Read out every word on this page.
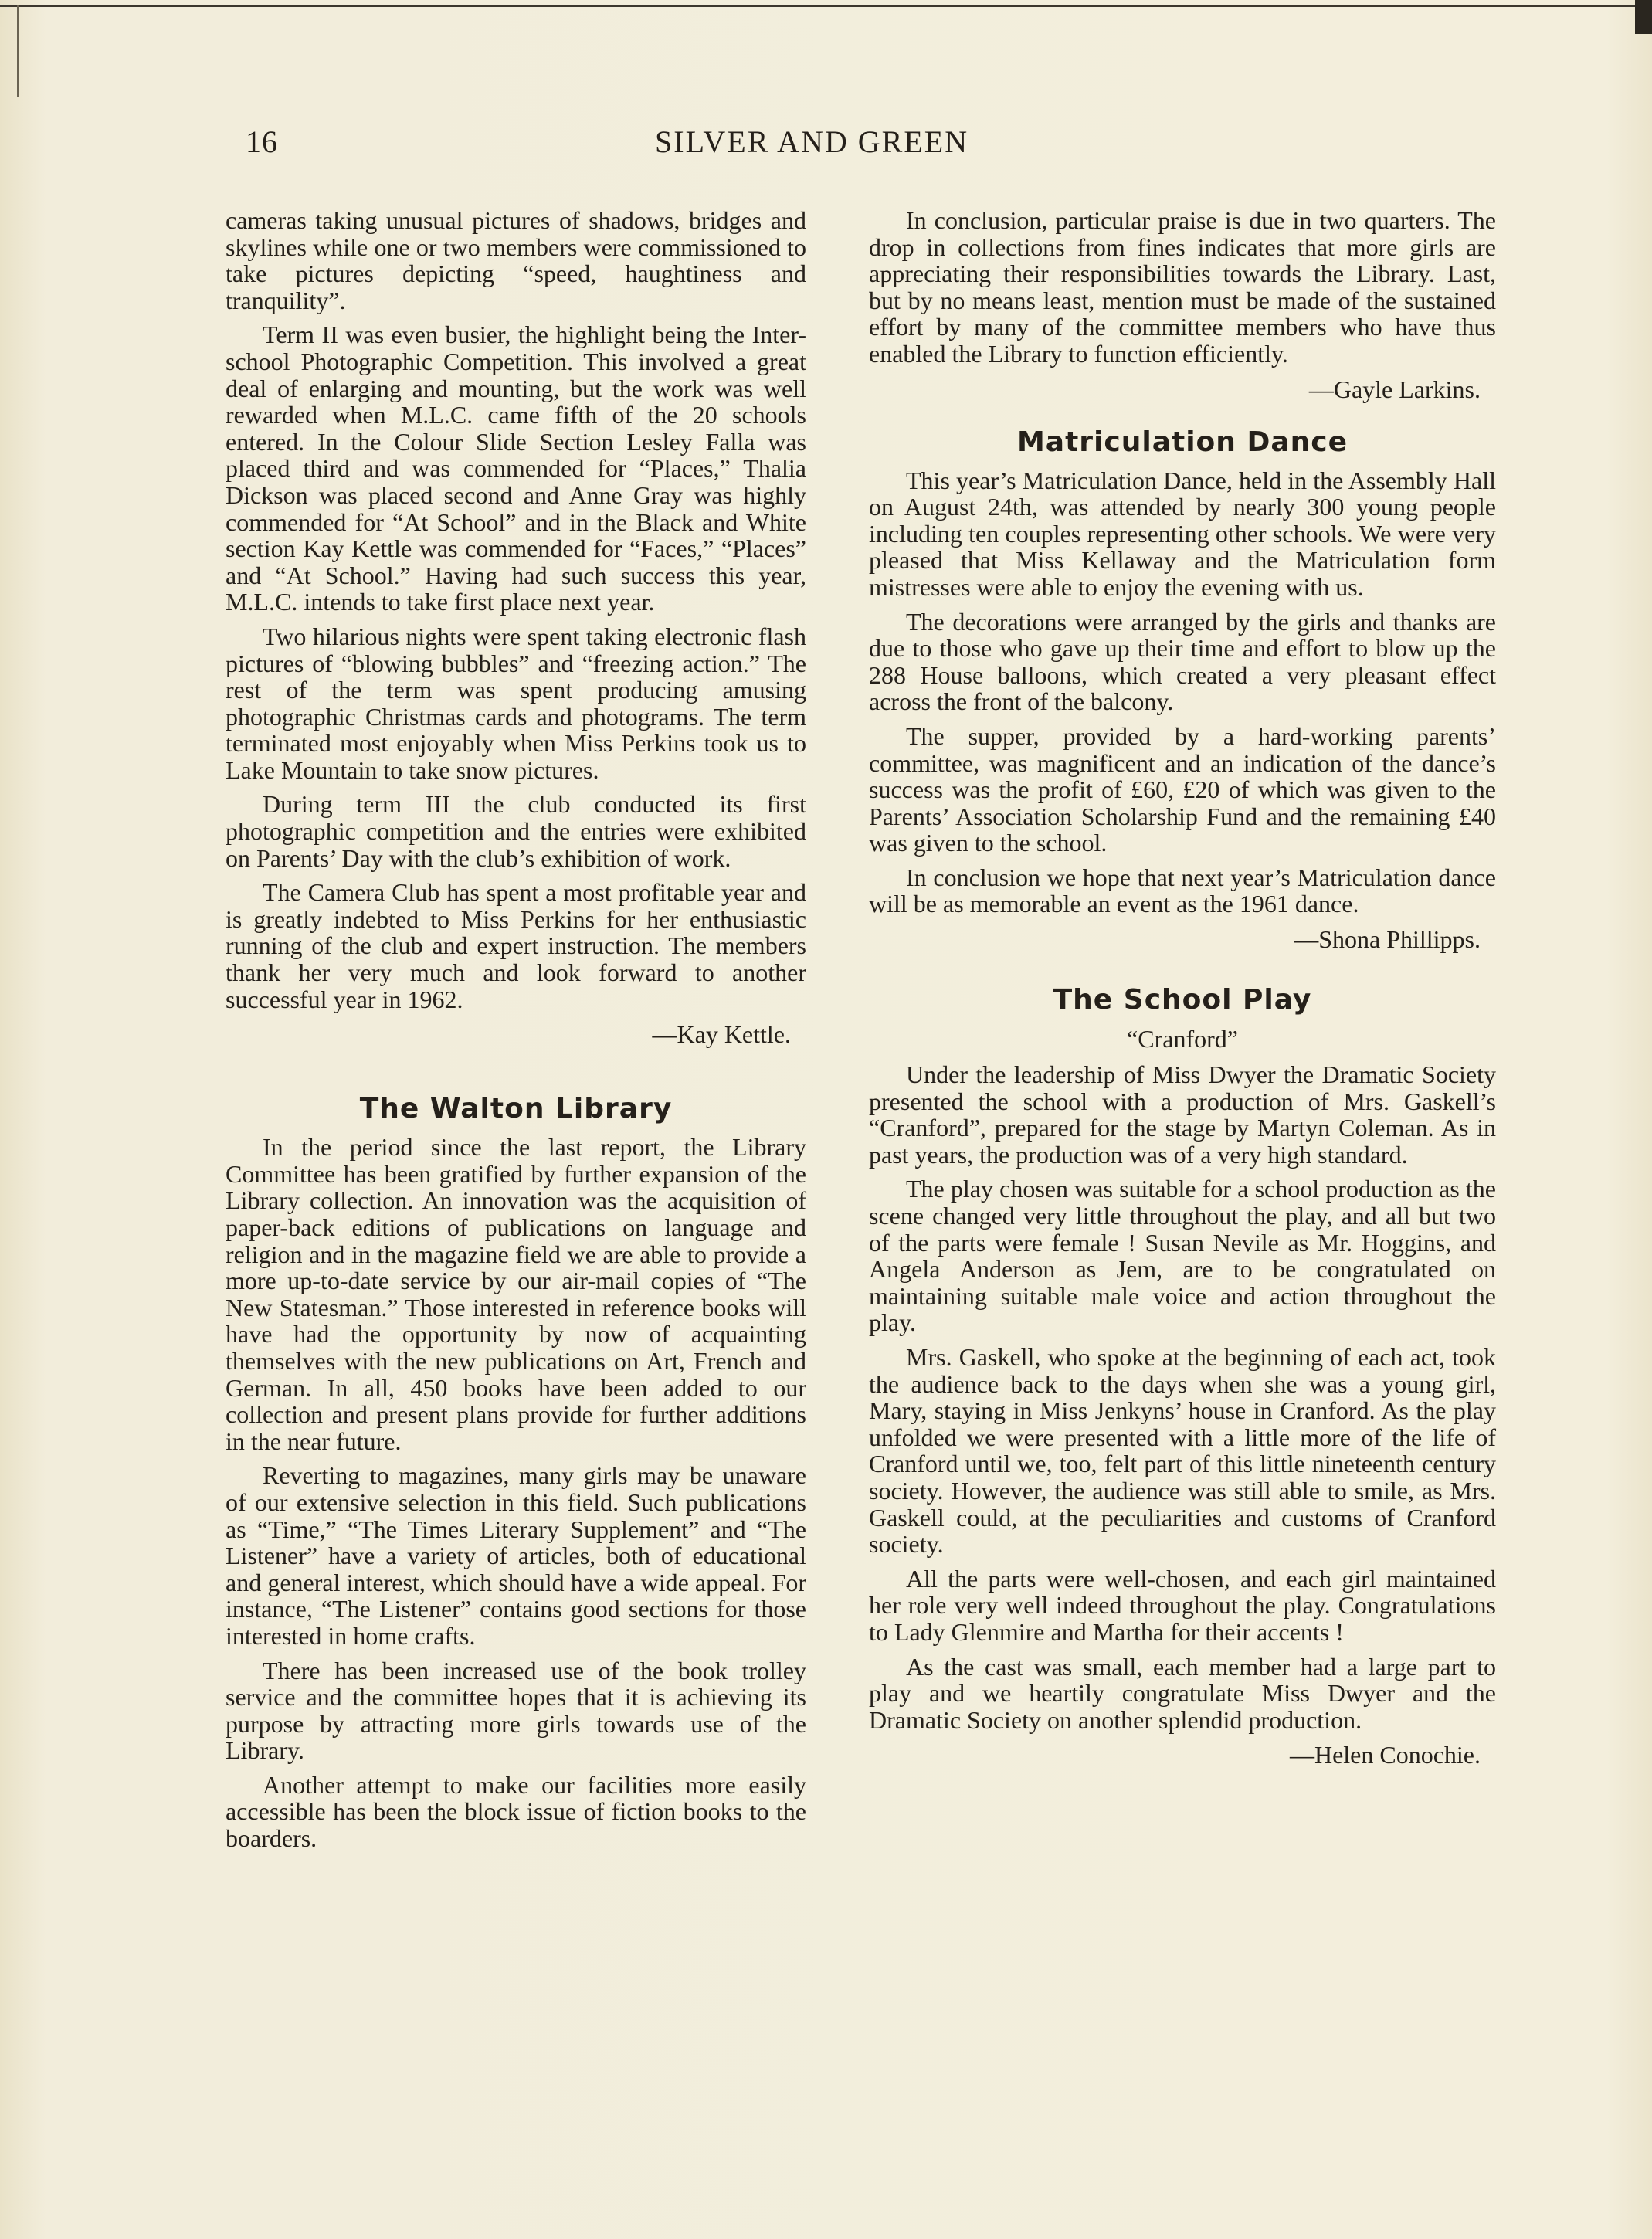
16	SILVER AND GREEN

cameras taking unusual pictures of shadows, bridges and skylines while one or two members were commissioned to take pictures depicting “speed, haughtiness and tranquility”.

Term II was even busier, the highlight being the Inter-school Photographic Competition. This involved a great deal of enlarging and mounting, but the work was well rewarded when M.L.C. came fifth of the 20 schools entered. In the Colour Slide Section Lesley Falla was placed third and was commended for “Places,” Thalia Dickson was placed second and Anne Gray was highly commended for “At School” and in the Black and White section Kay Kettle was commended for “Faces,” “Places” and “At School.” Having had such success this year, M.L.C. intends to take first place next year.

Two hilarious nights were spent taking electronic flash pictures of “blowing bubbles” and “freezing action.” The rest of the term was spent producing amusing photographic Christmas cards and photograms. The term terminated most enjoyably when Miss Perkins took us to Lake Mountain to take snow pictures.

During term III the club conducted its first photographic competition and the entries were exhibited on Parents’ Day with the club’s exhibition of work.

The Camera Club has spent a most profitable year and is greatly indebted to Miss Perkins for her enthusiastic running of the club and expert instruction. The members thank her very much and look forward to another successful year in 1962.

—Kay Kettle.
The Walton Library

In the period since the last report, the Library Committee has been gratified by further expansion of the Library collection. An innovation was the acquisition of paper-back editions of publications on language and religion and in the magazine field we are able to provide a more up-to-date service by our air-mail copies of “The New Statesman.” Those interested in reference books will have had the opportunity by now of acquainting themselves with the new publications on Art, French and German. In all, 450 books have been added to our collection and present plans provide for further additions in the near future.

Reverting to magazines, many girls may be unaware of our extensive selection in this field. Such publications as “Time,” “The Times Literary Supplement” and “The Listener” have a variety of articles, both of educational and general interest, which should have a wide appeal. For instance, “The Listener” contains good sections for those interested in home crafts.

There has been increased use of the book trolley service and the committee hopes that it is achieving its purpose by attracting more girls towards use of the Library.

Another attempt to make our facilities more easily accessible has been the block issue of fiction books to the boarders.

In conclusion, particular praise is due in two quarters. The drop in collections from fines indicates that more girls are appreciating their responsibilities towards the Library. Last, but by no means least, mention must be made of the sustained effort by many of the committee members who have thus enabled the Library to function efficiently.

—Gayle Larkins.
Matriculation Dance

This year’s Matriculation Dance, held in the Assembly Hall on August 24th, was attended by nearly 300 young people including ten couples representing other schools. We were very pleased that Miss Kellaway and the Matriculation form mistresses were able to enjoy the evening with us.

The decorations were arranged by the girls and thanks are due to those who gave up their time and effort to blow up the 288 House balloons, which created a very pleasant effect across the front of the balcony.

The supper, provided by a hard-working parents’ committee, was magnificent and an indication of the dance’s success was the profit of £60, £20 of which was given to the Parents’ Association Scholarship Fund and the remaining £40 was given to the school.

In conclusion we hope that next year’s Matriculation dance will be as memorable an event as the 1961 dance.

—Shona Phillipps.
The School Play
“Cranford”

Under the leadership of Miss Dwyer the Dramatic Society presented the school with a production of Mrs. Gaskell’s “Cranford”, prepared for the stage by Martyn Coleman. As in past years, the production was of a very high standard.

The play chosen was suitable for a school production as the scene changed very little throughout the play, and all but two of the parts were female ! Susan Nevile as Mr. Hoggins, and Angela Anderson as Jem, are to be congratulated on maintaining suitable male voice and action throughout the play.

Mrs. Gaskell, who spoke at the beginning of each act, took the audience back to the days when she was a young girl, Mary, staying in Miss Jenkyns’ house in Cranford. As the play unfolded we were presented with a little more of the life of Cranford until we, too, felt part of this little nineteenth century society. However, the audience was still able to smile, as Mrs. Gaskell could, at the peculiarities and customs of Cranford society.

All the parts were well-chosen, and each girl maintained her role very well indeed throughout the play. Congratulations to Lady Glenmire and Martha for their accents !

As the cast was small, each member had a large part to play and we heartily congratulate Miss Dwyer and the Dramatic Society on another splendid production.

—Helen Conochie.
